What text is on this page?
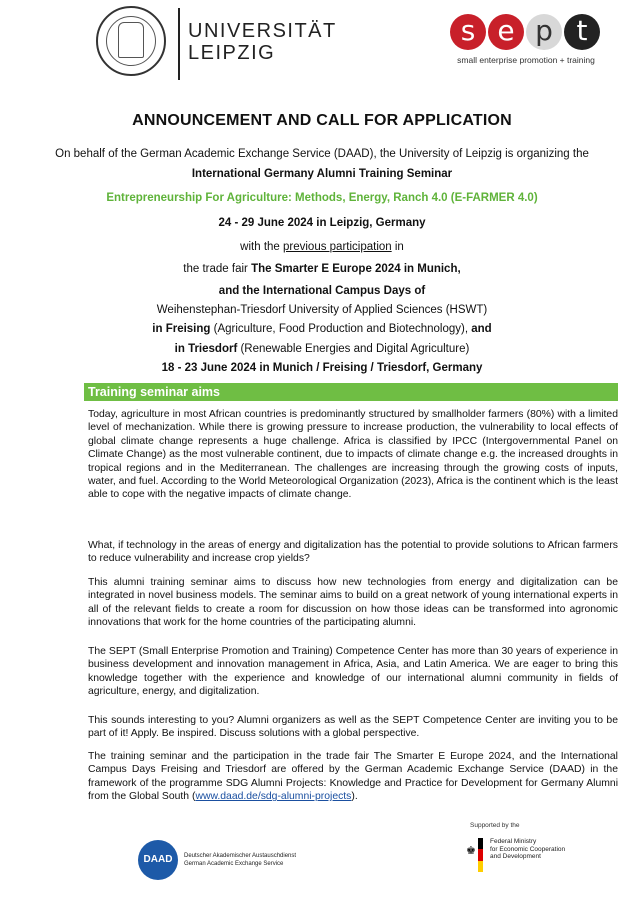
UNIVERSITÄT
LEIPZIG
s e p t
small enterprise promotion + training
ANNOUNCEMENT AND CALL FOR APPLICATION
On behalf of the German Academic Exchange Service (DAAD), the University of Leipzig is organizing the
International Germany Alumni Training Seminar
Entrepreneurship For Agriculture: Methods, Energy, Ranch 4.0 (E-FARMER 4.0)
24 - 29 June 2024 in Leipzig, Germany
with the previous participation in
the trade fair The Smarter E Europe 2024 in Munich,
and the International Campus Days of
Weihenstephan-Triesdorf University of Applied Sciences (HSWT)
in Freising (Agriculture, Food Production and Biotechnology), and
in Triesdorf (Renewable Energies and Digital Agriculture)
18 - 23 June 2024 in Munich / Freising / Triesdorf, Germany
Training seminar aims
Today, agriculture in most African countries is predominantly structured by smallholder farmers (80%) with a limited level of mechanization. While there is growing pressure to increase production, the vulnerability to local effects of global climate change represents a huge challenge. Africa is classified by IPCC (Intergovernmental Panel on Climate Change) as the most vulnerable continent, due to impacts of climate change e.g. the increased droughts in tropical regions and in the Mediterranean. The challenges are increasing through the growing costs of inputs, water, and fuel. According to the World Meteorological Organization (2023), Africa is the continent which is the least able to cope with the negative impacts of climate change.
What, if technology in the areas of energy and digitalization has the potential to provide solutions to African farmers to reduce vulnerability and increase crop yields?
This alumni training seminar aims to discuss how new technologies from energy and digitalization can be integrated in novel business models. The seminar aims to build on a great network of young international experts in all of the relevant fields to create a room for discussion on how those ideas can be transformed into agronomic innovations that work for the home countries of the participating alumni.
The SEPT (Small Enterprise Promotion and Training) Competence Center has more than 30 years of experience in business development and innovation management in Africa, Asia, and Latin America. We are eager to bring this knowledge together with the experience and knowledge of our international alumni community in fields of agriculture, energy, and digitalization.
This sounds interesting to you? Alumni organizers as well as the SEPT Competence Center are inviting you to be part of it! Apply. Be inspired. Discuss solutions with a global perspective.
The training seminar and the participation in the trade fair The Smarter E Europe 2024, and the International Campus Days Freising and Triesdorf are offered by the German Academic Exchange Service (DAAD) in the framework of the programme SDG Alumni Projects: Knowledge and Practice for Development for Germany Alumni from the Global South (www.daad.de/sdg-alumni-projects).
DAAD	Deutscher Akademischer Austauschdienst
German Academic Exchange Service
Supported by the
♚
Federal Ministry
for Economic Cooperation
and Development
